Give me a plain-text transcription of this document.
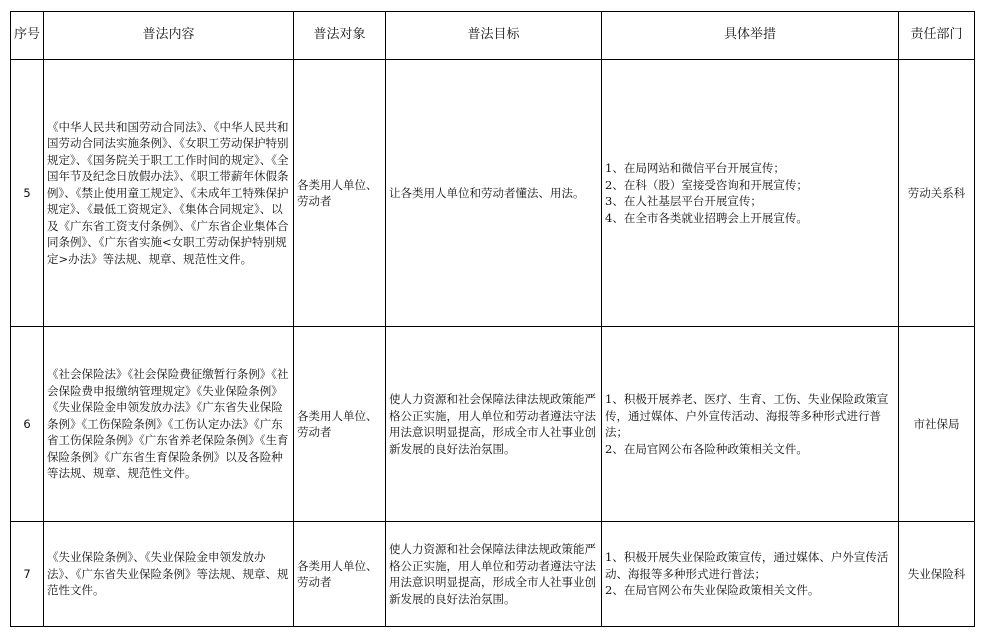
序号	普法内容	普法对象	普法目标	具体举措	责任部门
5	《中华人民共和国劳动合同法》、《中华人民共和国劳动合同法实施条例》、《女职工劳动保护特别规定》、《国务院关于职工工作时间的规定》、《全国年节及纪念日放假办法》、《职工带薪年休假条例》、《禁止使用童工规定》、《未成年工特殊保护规定》、《最低工资规定》、《集体合同规定》、以及《广东省工资支付条例》、《广东省企业集体合同条例》、《广东省实施<女职工劳动保护特别规定>办法》等法规、规章、规范性文件。	各类用人单位、劳动者	让各类用人单位和劳动者懂法、用法。	1、在局网站和微信平台开展宣传；
2、在科（股）室接受咨询和开展宣传；
3、在人社基层平台开展宣传；
4、在全市各类就业招聘会上开展宣传。	劳动关系科
6	《社会保险法》《社会保险费征缴暂行条例》《社会保险费申报缴纳管理规定》《失业保险条例》《失业保险金申领发放办法》《广东省失业保险条例》《工伤保险条例》《工伤认定办法》《广东省工伤保险条例》《广东省养老保险条例》《生育保险条例》《广东省生育保险条例》以及各险种等法规、规章、规范性文件。	各类用人单位、劳动者	使人力资源和社会保障法律法规政策能严格公正实施，用人单位和劳动者遵法守法用法意识明显提高，形成全市人社事业创新发展的良好法治氛围。	1、积极开展养老、医疗、生育、工伤、失业保险政策宣传，通过媒体、户外宣传活动、海报等多种形式进行普法；
2、在局官网公布各险种政策相关文件。	市社保局
7	《失业保险条例》、《失业保险金申领发放办法》、《广东省失业保险条例》等法规、规章、规范性文件。	各类用人单位、劳动者	使人力资源和社会保障法律法规政策能严格公正实施，用人单位和劳动者遵法守法用法意识明显提高，形成全市人社事业创新发展的良好法治氛围。	1、积极开展失业保险政策宣传，通过媒体、户外宣传活动、海报等多种形式进行普法；
2、在局官网公布失业保险政策相关文件。	失业保险科
